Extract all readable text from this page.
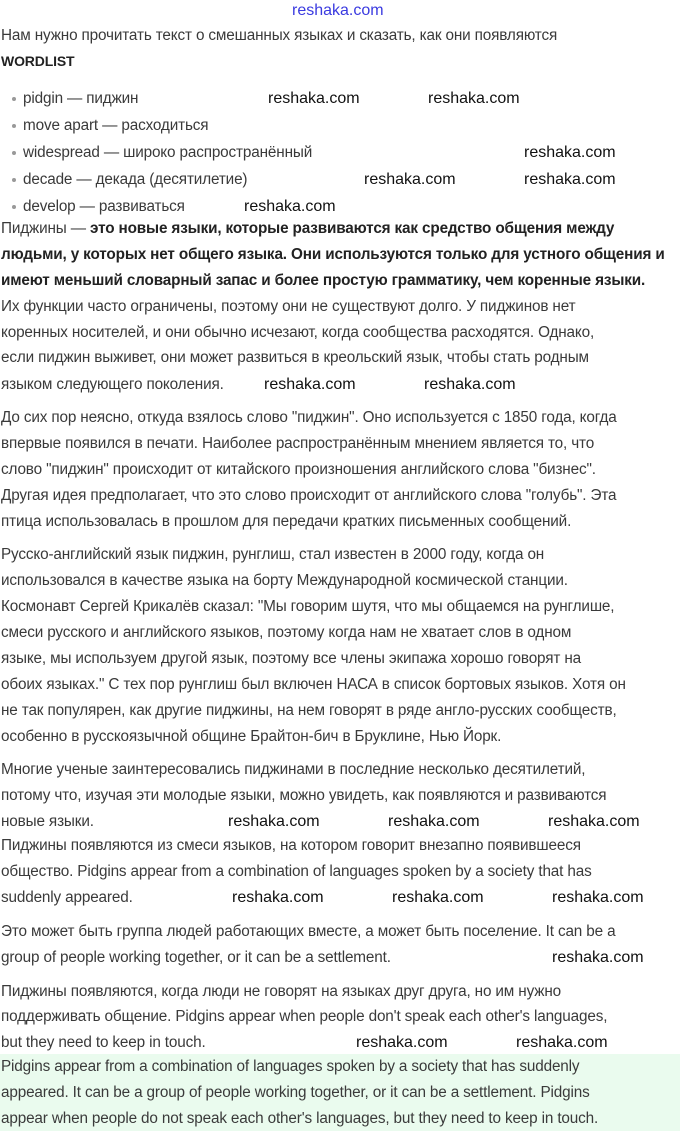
Нам нужно прочитать текст о смешанных языках и сказать, как они появляются
WORDLIST
pidgin — пиджин
move apart — расходиться
widespread — широко распространённый
decade — декада (десятилетие)
develop — развиваться
Пиджины — это новые языки, которые развиваются как средство общения между
людьми, у которых нет общего языка. Они используются только для устного общения и
имеют меньший словарный запас и более простую грамматику, чем коренные языки.
Их функции часто ограничены, поэтому они не существуют долго. У пиджинов нет
коренных носителей, и они обычно исчезают, когда сообщества расходятся. Однако,
если пиджин выживет, они может развиться в креольский язык, чтобы стать родным
языком следующего поколения.
До сих пор неясно, откуда взялось слово "пиджин". Оно используется с 1850 года, когда
впервые появился в печати. Наиболее распространённым мнением является то, что
слово "пиджин" происходит от китайского произношения английского слова "бизнес".
Другая идея предполагает, что это слово происходит от английского слова "голубь". Эта
птица использовалась в прошлом для передачи кратких письменных сообщений.
Русско-английский язык пиджин, рунглиш, стал известен в 2000 году, когда он
использовался в качестве языка на борту Международной космической станции.
Космонавт Сергей Крикалёв сказал: "Мы говорим шутя, что мы общаемся на рунглише,
смеси русского и английского языков, поэтому когда нам не хватает слов в одном
языке, мы используем другой язык, поэтому все члены экипажа хорошо говорят на
обоих языках." С тех пор рунглиш был включен НАСА в список бортовых языков. Хотя он
не так популярен, как другие пиджины, на нем говорят в ряде англо-русских сообществ,
особенно в русскоязычной общине Брайтон-бич в Бруклине, Нью Йорк.
Многие ученые заинтересовались пиджинами в последние несколько десятилетий,
потому что, изучая эти молодые языки, можно увидеть, как появляются и развиваются
новые языки.
Пиджины появляются из смеси языков, на котором говорит внезапно появившееся
общество. Pidgins appear from a combination of languages spoken by a society that has
suddenly appeared.
Это может быть группа людей работающих вместе, а может быть поселение. It can be a
group of people working together, or it can be a settlement.
Пиджины появляются, когда люди не говорят на языках друг друга, но им нужно
поддерживать общение. Pidgins appear when people don't speak each other's languages,
but they need to keep in touch.
Pidgins appear from a combination of languages spoken by a society that has suddenly
appeared. It can be a group of people working together, or it can be a settlement. Pidgins
appear when people do not speak each other's languages, but they need to keep in touch.
reshaka.com
reshaka.com	reshaka.com
reshaka.com
reshaka.com	reshaka.com
reshaka.com
reshaka.com	reshaka.com
reshaka.com	reshaka.com	reshaka.com
reshaka.com	reshaka.com	reshaka.com
reshaka.com
reshaka.com	reshaka.com
